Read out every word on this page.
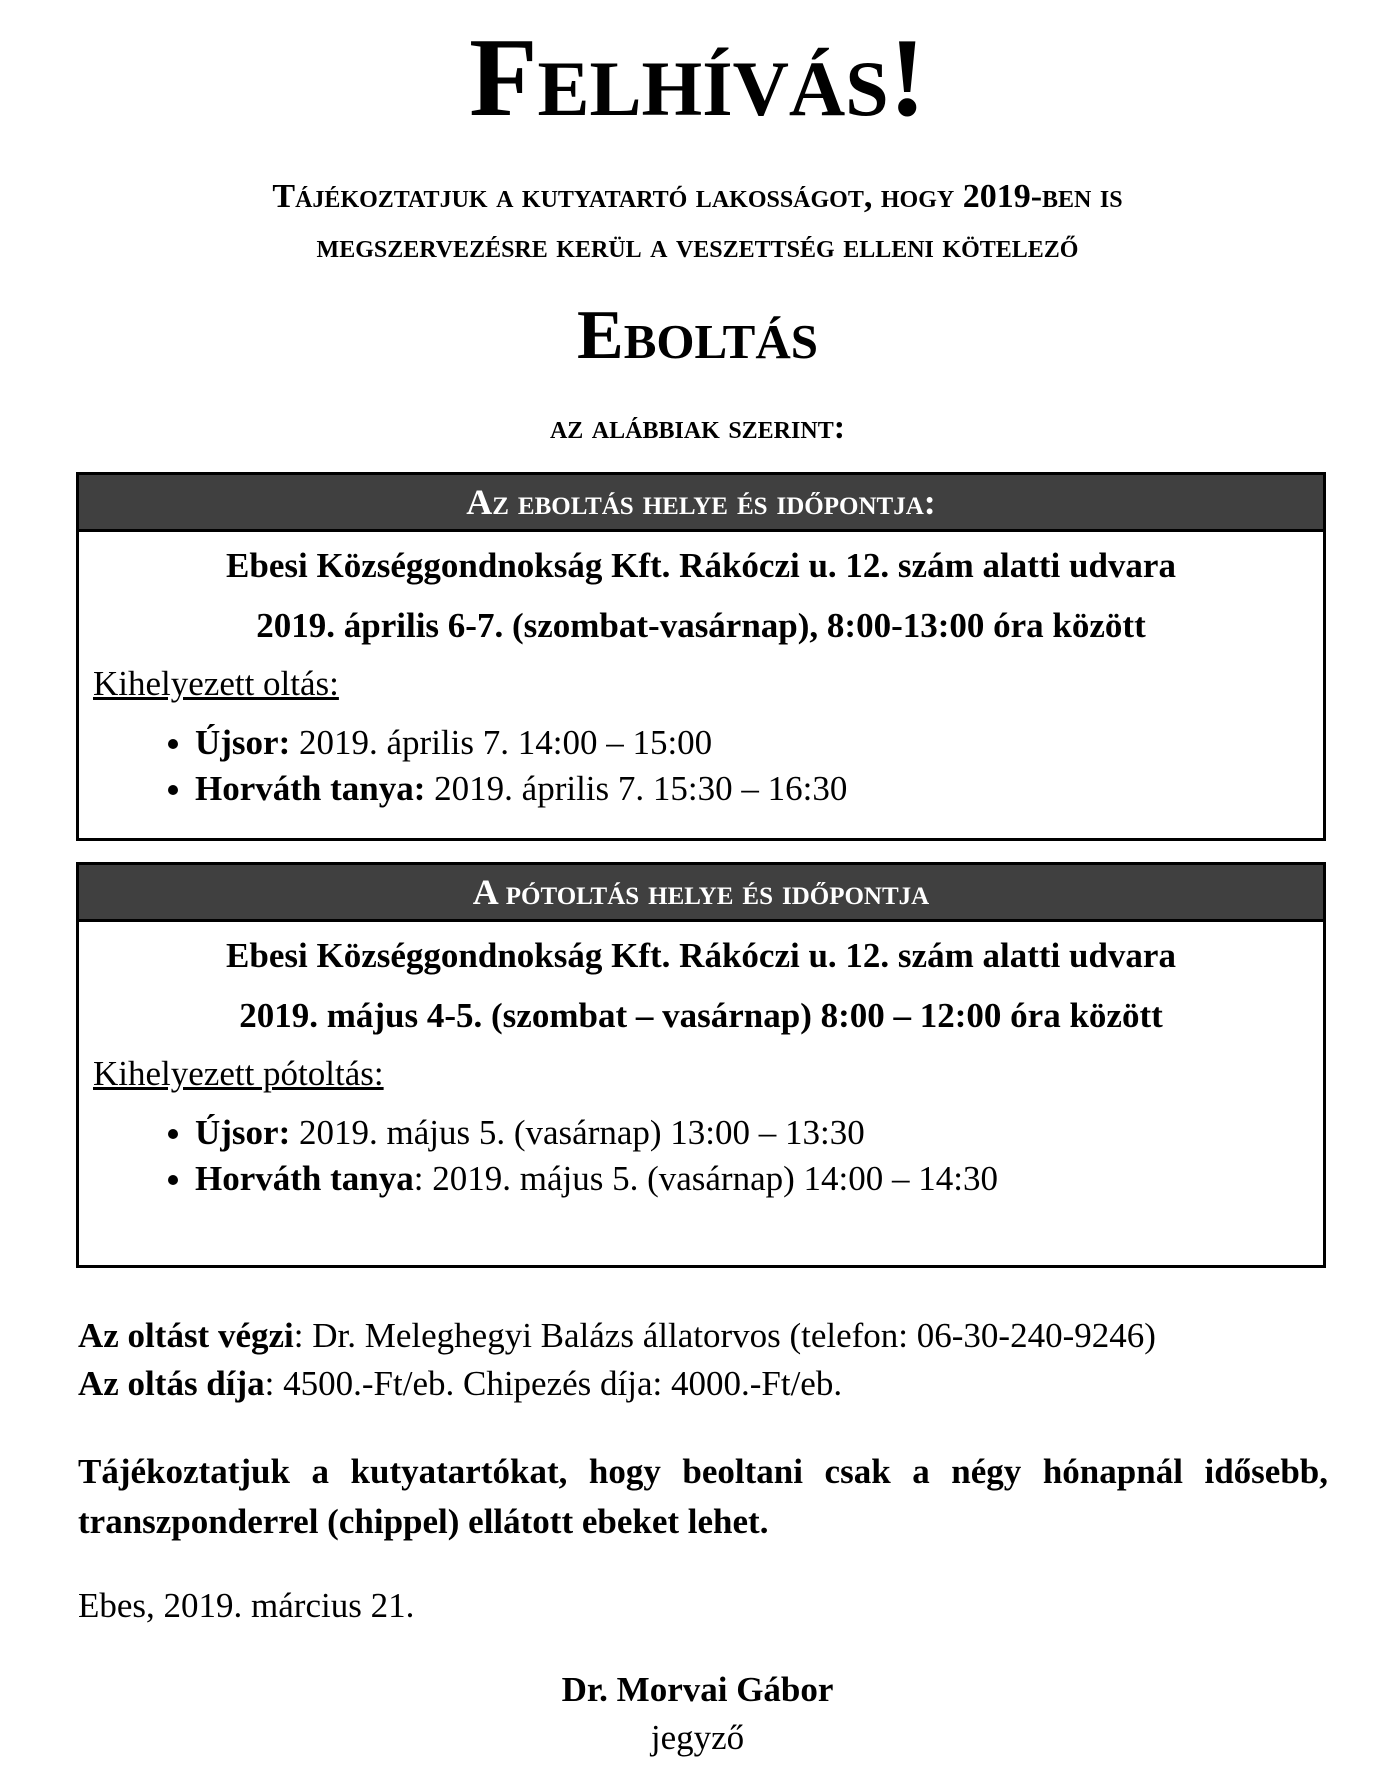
Felhívás!
Tájékoztatjuk a kutyatartó lakosságot, hogy 2019-ben is
megszervezésre kerül a veszettség elleni kötelező
Eboltás
az alábbiak szerint:
Az eboltás helye és időpontja:
Ebesi Községgondnokság Kft. Rákóczi u. 12. szám alatti udvara
2019. április 6-7. (szombat-vasárnap), 8:00-13:00 óra között
Kihelyezett oltás:
• Újsor: 2019. április 7. 14:00 – 15:00
• Horváth tanya: 2019. április 7. 15:30 – 16:30
A pótoltás helye és időpontja
Ebesi Községgondnokság Kft. Rákóczi u. 12. szám alatti udvara
2019. május 4-5. (szombat – vasárnap) 8:00 – 12:00 óra között
Kihelyezett pótoltás:
• Újsor: 2019. május 5. (vasárnap) 13:00 – 13:30
• Horváth tanya: 2019. május 5. (vasárnap) 14:00 – 14:30
Az oltást végzi: Dr. Meleghegyi Balázs állatorvos (telefon: 06-30-240-9246)
Az oltás díja: 4500.-Ft/eb. Chipezés díja: 4000.-Ft/eb.
Tájékoztatjuk a kutyatartókat, hogy beoltani csak a négy hónapnál idősebb, transzponderrel (chippel) ellátott ebeket lehet.
Ebes, 2019. március 21.
Dr. Morvai Gábor
jegyző
